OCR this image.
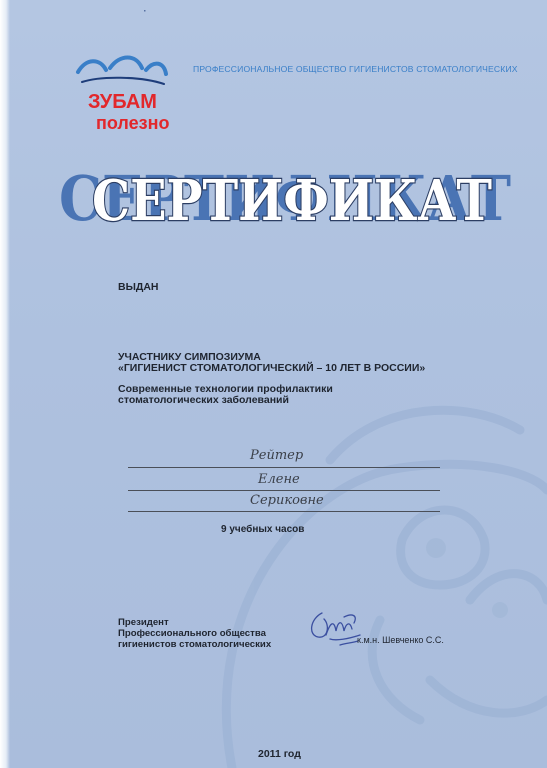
ЗУБАМ
полезно
ПРОФЕССИОНАЛЬНОЕ ОБЩЕСТВО ГИГИЕНИСТОВ СТОМАТОЛОГИЧЕСКИХ
СЕРТИФИКАТ
СЕРТИФИКАТ
ВЫДАН
УЧАСТНИКУ СИМПОЗИУМА
«ГИГИЕНИСТ СТОМАТОЛОГИЧЕСКИЙ – 10 ЛЕТ В РОССИИ»
Современные технологии профилактики
стоматологических заболеваний
Рейтер
Елене
Сериковне
9 учебных часов
Президент
Профессионального общества
гигиенистов стоматологических	к.м.н. Шевченко С.С.
2011 год
